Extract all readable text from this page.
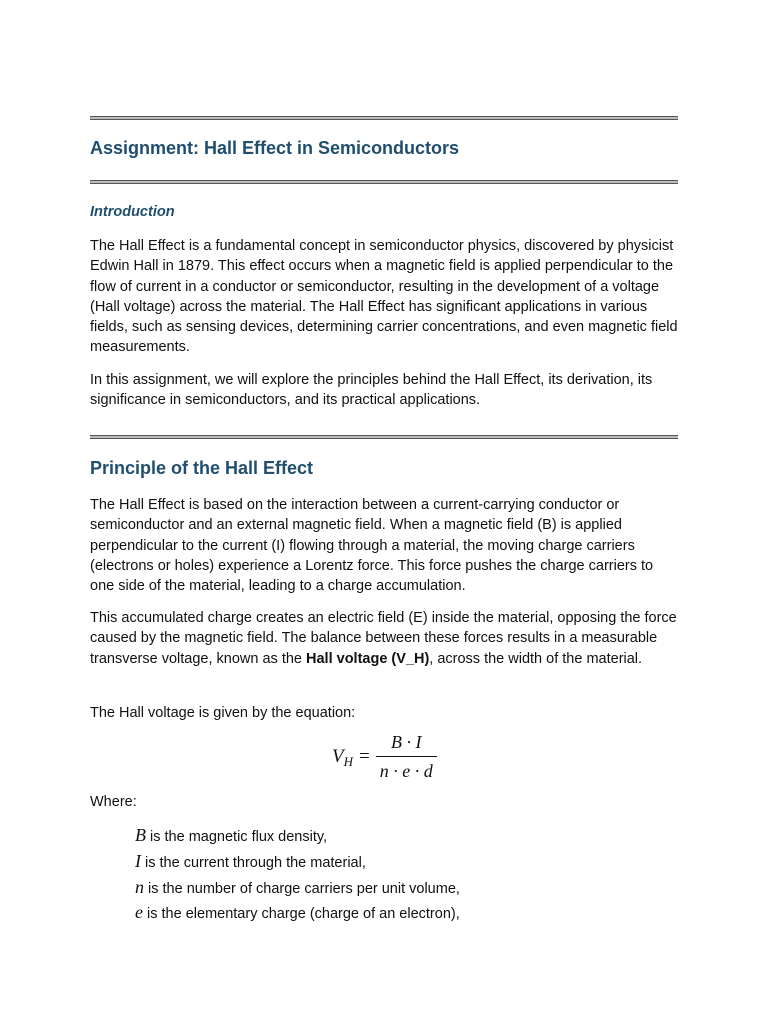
Assignment: Hall Effect in Semiconductors
Introduction

The Hall Effect is a fundamental concept in semiconductor physics, discovered by physicist Edwin Hall in 1879. This effect occurs when a magnetic field is applied perpendicular to the flow of current in a conductor or semiconductor, resulting in the development of a voltage (Hall voltage) across the material. The Hall Effect has significant applications in various fields, such as sensing devices, determining carrier concentrations, and even magnetic field measurements.

In this assignment, we will explore the principles behind the Hall Effect, its derivation, its significance in semiconductors, and its practical applications.

Principle of the Hall Effect

The Hall Effect is based on the interaction between a current-carrying conductor or semiconductor and an external magnetic field. When a magnetic field (B) is applied perpendicular to the current (I) flowing through a material, the moving charge carriers (electrons or holes) experience a Lorentz force. This force pushes the charge carriers to one side of the material, leading to a charge accumulation.

This accumulated charge creates an electric field (E) inside the material, opposing the force caused by the magnetic field. The balance between these forces results in a measurable transverse voltage, known as the Hall voltage (V_H), across the width of the material.

The Hall voltage is given by the equation:

$V_H = \frac{B \cdot I}{n \cdot e \cdot d}$

Where:

B is the magnetic flux density,
I is the current through the material,
n is the number of charge carriers per unit volume,
e is the elementary charge (charge of an electron),
